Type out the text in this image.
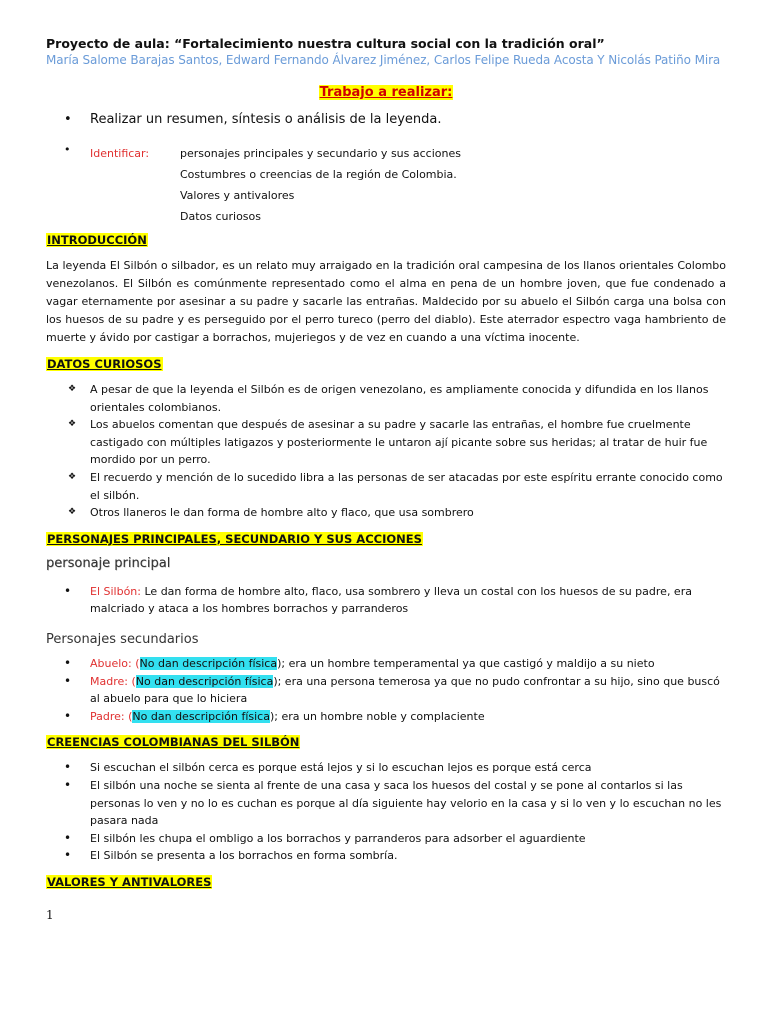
Proyecto de aula: “Fortalecimiento nuestra cultura social con la tradición oral”
María Salome Barajas Santos, Edward Fernando Álvarez Jiménez, Carlos Felipe Rueda Acosta Y Nicolás Patiño Mira
Trabajo a realizar:
• Realizar un resumen, síntesis o análisis de la leyenda.
• Identificar:	personajes principales y secundario y sus acciones
Costumbres o creencias de la región de Colombia.
Valores y antivalores
Datos curiosos
INTRODUCCIÓN
La leyenda El Silbón o silbador, es un relato muy arraigado en la tradición oral campesina de los llanos orientales Colombo venezolanos. El Silbón es comúnmente representado como el alma en pena de un hombre joven, que fue condenado a vagar eternamente por asesinar a su padre y sacarle las entrañas. Maldecido por su abuelo el Silbón carga una bolsa con los huesos de su padre y es perseguido por el perro tureco (perro del diablo). Este aterrador espectro vaga hambriento de muerte y ávido por castigar a borrachos, mujeriegos y de vez en cuando a una víctima inocente.
DATOS CURIOSOS
❖ A pesar de que la leyenda el Silbón es de origen venezolano, es ampliamente conocida y difundida en los llanos orientales colombianos.
❖ Los abuelos comentan que después de asesinar a su padre y sacarle las entrañas, el hombre fue cruelmente castigado con múltiples latigazos y posteriormente le untaron ají picante sobre sus heridas; al tratar de huir fue mordido por un perro.
❖ El recuerdo y mención de lo sucedido libra a las personas de ser atacadas por este espíritu errante conocido como el silbón.
❖ Otros llaneros le dan forma de hombre alto y flaco, que usa sombrero
PERSONAJES PRINCIPALES, SECUNDARIO Y SUS ACCIONES
personaje principal
• El Silbón: Le dan forma de hombre alto, flaco, usa sombrero y lleva un costal con los huesos de su padre, era malcriado y ataca a los hombres borrachos y parranderos
Personajes secundarios
• Abuelo: (No dan descripción física); era un hombre temperamental ya que castigó y maldijo a su nieto
• Madre: (No dan descripción física); era una persona temerosa ya que no pudo confrontar a su hijo, sino que buscó al abuelo para que lo hiciera
• Padre: (No dan descripción física); era un hombre noble y complaciente
CREENCIAS COLOMBIANAS DEL SILBÓN
• Si escuchan el silbón cerca es porque está lejos y si lo escuchan lejos es porque está cerca
• El silbón una noche se sienta al frente de una casa y saca los huesos del costal y se pone al contarlos si las personas lo ven y no lo es cuchan es porque al día siguiente hay velorio en la casa y si lo ven y lo escuchan no les pasara nada
• El silbón les chupa el ombligo a los borrachos y parranderos para adsorber el aguardiente
• El Silbón se presenta a los borrachos en forma sombría.
VALORES Y ANTIVALORES
1
